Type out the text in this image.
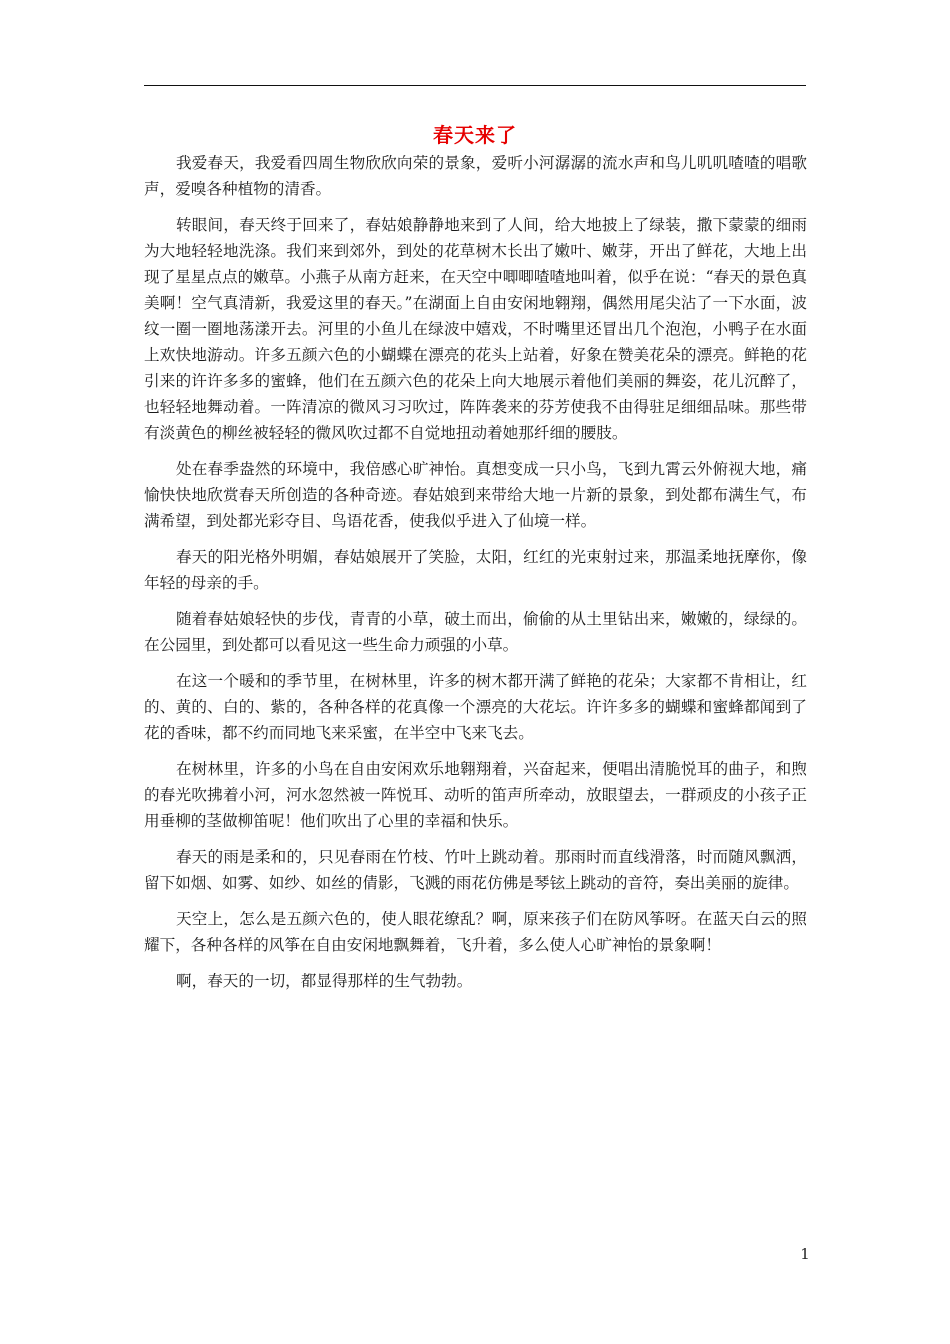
春天来了

我爱春天，我爱看四周生物欣欣向荣的景象，爱听小河潺潺的流水声和鸟儿叽叽喳喳的唱歌声，爱嗅各种植物的清香。

转眼间，春天终于回来了，春姑娘静静地来到了人间，给大地披上了绿装，撒下蒙蒙的细雨为大地轻轻地洗涤。我们来到郊外，到处的花草树木长出了嫩叶、嫩芽，开出了鲜花，大地上出现了星星点点的嫩草。小燕子从南方赶来，在天空中唧唧喳喳地叫着，似乎在说：“春天的景色真美啊！空气真清新，我爱这里的春天。”在湖面上自由安闲地翱翔，偶然用尾尖沾了一下水面，波纹一圈一圈地荡漾开去。河里的小鱼儿在绿波中嬉戏，不时嘴里还冒出几个泡泡，小鸭子在水面上欢快地游动。许多五颜六色的小蝴蝶在漂亮的花头上站着，好象在赞美花朵的漂亮。鲜艳的花引来的许许多多的蜜蜂，他们在五颜六色的花朵上向大地展示着他们美丽的舞姿，花儿沉醉了，也轻轻地舞动着。一阵清凉的微风习习吹过，阵阵袭来的芬芳使我不由得驻足细细品味。那些带有淡黄色的柳丝被轻轻的微风吹过都不自觉地扭动着她那纤细的腰肢。

处在春季盎然的环境中，我倍感心旷神怡。真想变成一只小鸟，飞到九霄云外俯视大地，痛愉快快地欣赏春天所创造的各种奇迹。春姑娘到来带给大地一片新的景象，到处都布满生气，布满希望，到处都光彩夺目、鸟语花香，使我似乎进入了仙境一样。

春天的阳光格外明媚，春姑娘展开了笑脸，太阳，红红的光束射过来，那温柔地抚摩你，像年轻的母亲的手。

随着春姑娘轻快的步伐，青青的小草，破土而出，偷偷的从土里钻出来，嫩嫩的，绿绿的。在公园里，到处都可以看见这一些生命力顽强的小草。

在这一个暖和的季节里，在树林里，许多的树木都开满了鲜艳的花朵；大家都不肯相让，红的、黄的、白的、紫的，各种各样的花真像一个漂亮的大花坛。许许多多的蝴蝶和蜜蜂都闻到了花的香味，都不约而同地飞来采蜜，在半空中飞来飞去。

在树林里，许多的小鸟在自由安闲欢乐地翱翔着，兴奋起来，便唱出清脆悦耳的曲子，和煦的春光吹拂着小河，河水忽然被一阵悦耳、动听的笛声所牵动，放眼望去，一群顽皮的小孩子正用垂柳的茎做柳笛呢！他们吹出了心里的幸福和快乐。

春天的雨是柔和的，只见春雨在竹枝、竹叶上跳动着。那雨时而直线滑落，时而随风飘洒，留下如烟、如雾、如纱、如丝的倩影，飞溅的雨花仿佛是琴铉上跳动的音符，奏出美丽的旋律。

天空上，怎么是五颜六色的，使人眼花缭乱？啊，原来孩子们在防风筝呀。在蓝天白云的照耀下，各种各样的风筝在自由安闲地飘舞着，飞升着，多么使人心旷神怡的景象啊！

啊，春天的一切，都显得那样的生气勃勃。

1
